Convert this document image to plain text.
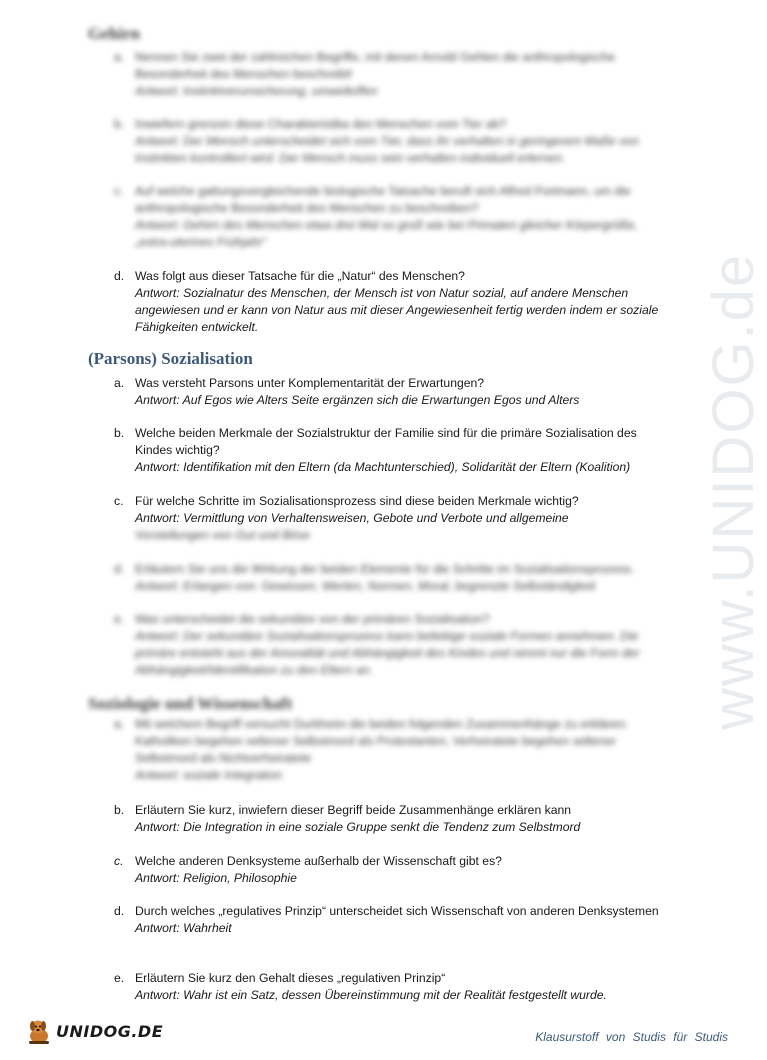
www.UNIDOG.de
Gehirn
a. Nennen Sie zwei der zahlreichen Begriffe, mit denen Arnold Gehlen die anthropologische Besonderheit des Menschen beschreibt!
Antwort: Instinktverunsicherung, umweltoffen
b. Inwiefern grenzen diese Charakteristika den Menschen vom Tier ab?
Antwort: Der Mensch unterscheidet sich vom Tier, dass ihr verhalten in geringerem Maße von Instinkten kontrolliert wird. Der Mensch muss sein verhalten individuell erlernen.
c. Auf welche gattungsvergleichende biologische Tatsache beruft sich Alfred Portmann, um die anthropologische Besonderheit des Menschen zu beschreiben?
Antwort: Gehirn des Menschen etwa drei Mal so groß wie bei Primaten gleicher Körpergröße, „extra-uterines Frühjahr“
d. Was folgt aus dieser Tatsache für die „Natur“ des Menschen?
Antwort: Sozialnatur des Menschen, der Mensch ist von Natur sozial, auf andere Menschen angewiesen und er kann von Natur aus mit dieser Angewiesenheit fertig werden indem er soziale Fähigkeiten entwickelt.
(Parsons) Sozialisation
a. Was versteht Parsons unter Komplementarität der Erwartungen?
Antwort: Auf Egos wie Alters Seite ergänzen sich die Erwartungen Egos und Alters
b. Welche beiden Merkmale der Sozialstruktur der Familie sind für die primäre Sozialisation des Kindes wichtig?
Antwort: Identifikation mit den Eltern (da Machtunterschied), Solidarität der Eltern (Koalition)
c. Für welche Schritte im Sozialisationsprozess sind diese beiden Merkmale wichtig?
Antwort: Vermittlung von Verhaltensweisen, Gebote und Verbote und allgemeine
Vorstellungen von Gut und Böse
d. Erläutern Sie uns die Wirkung der beiden Elemente für die Schritte im Sozialisationsprozess.
Antwort: Erlangen von: Gewissen, Werten, Normen, Moral, begrenzte Selbständigkeit
e. Was unterscheidet die sekundäre von der primären Sozialisation?
Antwort: Der sekundäre Sozialisationsprozess kann beliebige soziale Formen annehmen. Die primäre entsteht aus der Amoralität und Abhängigkeit des Kindes und nimmt nur die Form der Abhängigkeit/Identifikation zu den Eltern an.
Soziologie und Wissenschaft
a. Mit welchem Begriff versucht Durkheim die beiden folgenden Zusammenhänge zu erklären: Katholiken begehen seltener Selbstmord als Protestanten, Verheiratete begehen seltener Selbstmord als Nichtverheiratete
Antwort: soziale Integration
b. Erläutern Sie kurz, inwiefern dieser Begriff beide Zusammenhänge erklären kann
Antwort: Die Integration in eine soziale Gruppe senkt die Tendenz zum Selbstmord
c. Welche anderen Denksysteme außerhalb der Wissenschaft gibt es?
Antwort: Religion, Philosophie
d. Durch welches „regulatives Prinzip“ unterscheidet sich Wissenschaft von anderen Denksystemen
Antwort: Wahrheit
e. Erläutern Sie kurz den Gehalt dieses „regulativen Prinzip“
Antwort: Wahr ist ein Satz, dessen Übereinstimmung mit der Realität festgestellt wurde.
UNIDOG.DE	Klausurstoff von Studis für Studis
